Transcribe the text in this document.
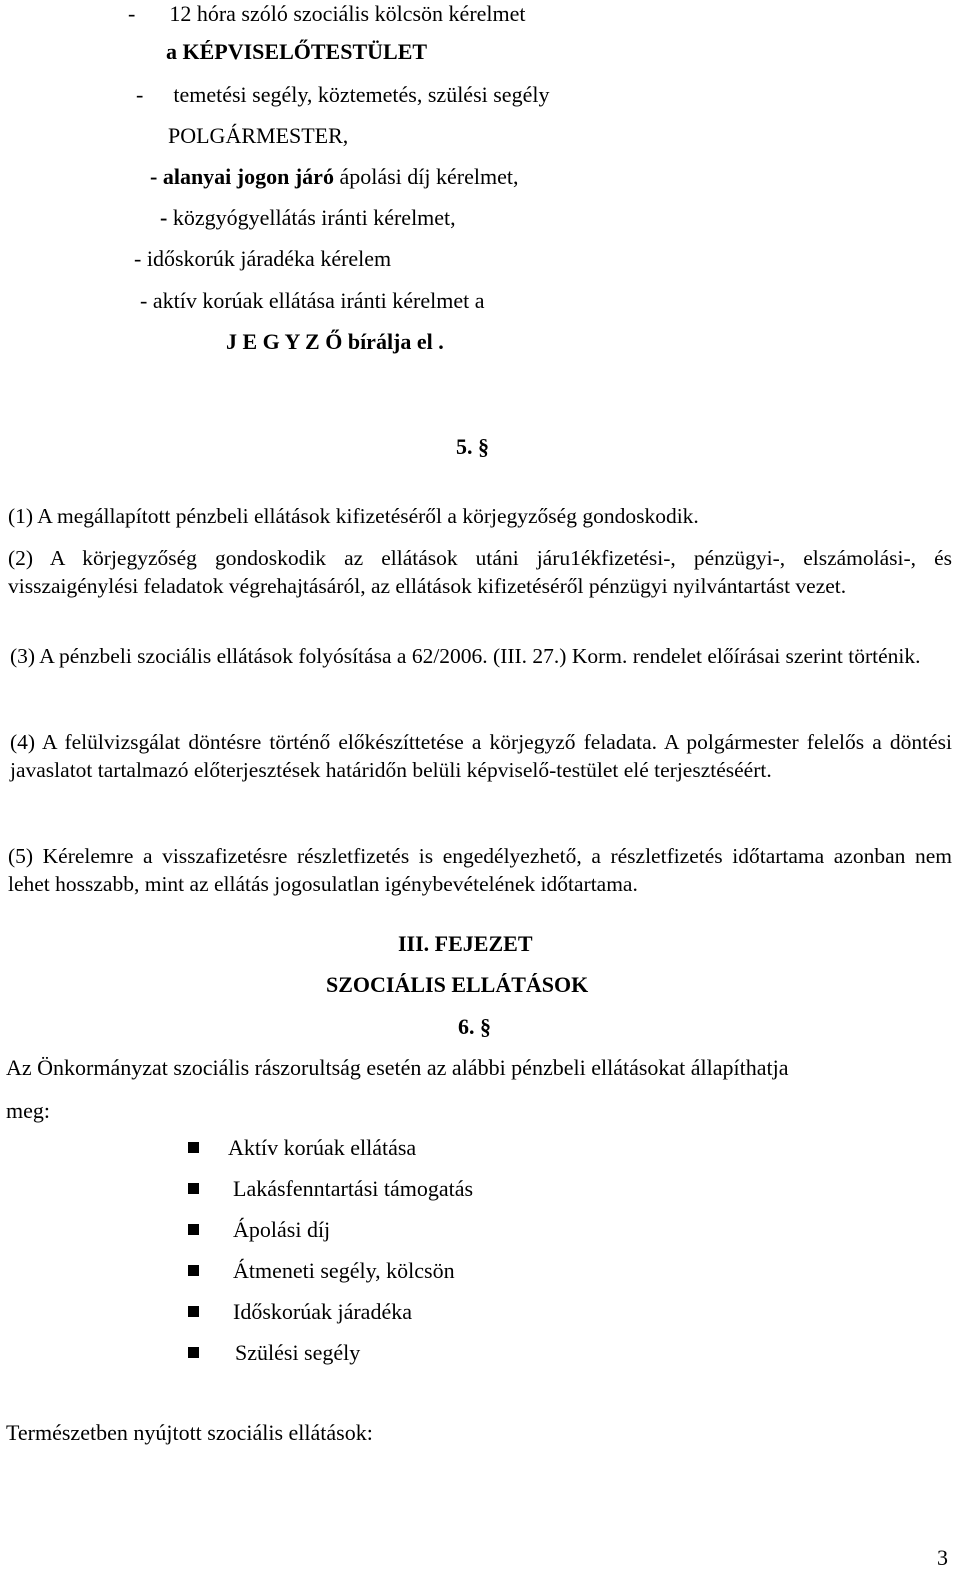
- 12 hóra szóló szociális kölcsön kérelmet
a KÉPVISELŐTESTÜLET
- temetési segély, köztemetés, szülési segély
POLGÁRMESTER,
- alanyai jogon járó ápolási díj kérelmet,
- közgyógyellátás iránti kérelmet,
- időskorúk járadéka kérelem
- aktív korúak ellátása iránti kérelmet a
J E G Y Z Ő bírálja el .
5. §
(1) A megállapított pénzbeli ellátások kifizetéséről a körjegyzőség gondoskodik.
(2) A körjegyzőség gondoskodik az ellátások utáni járu1ékfizetési-, pénzügyi-, elszámolási-, és visszaigénylési feladatok végrehajtásáról, az ellátások kifizetéséről pénzügyi nyilvántartást vezet.
(3) A pénzbeli szociális ellátások folyósítása a 62/2006. (III. 27.) Korm. rendelet előírásai szerint történik.
(4) A felülvizsgálat döntésre történő előkészíttetése a körjegyző feladata. A polgármester felelős a döntési javaslatot tartalmazó előterjesztések határidőn belüli képviselő-testület elé terjesztéséért.
(5) Kérelemre a visszafizetésre részletfizetés is engedélyezhető, a részletfizetés időtartama azonban nem lehet hosszabb, mint az ellátás jogosulatlan igénybevételének időtartama.
III. FEJEZET
SZOCIÁLIS ELLÁTÁSOK
6. §
Az Önkormányzat szociális rászorultság esetén az alábbi pénzbeli ellátásokat állapíthatja
meg:
Aktív korúak ellátása
Lakásfenntartási támogatás
Ápolási díj
Átmeneti segély, kölcsön
Időskorúak járadéka
Szülési segély
Természetben nyújtott szociális ellátások:
3
